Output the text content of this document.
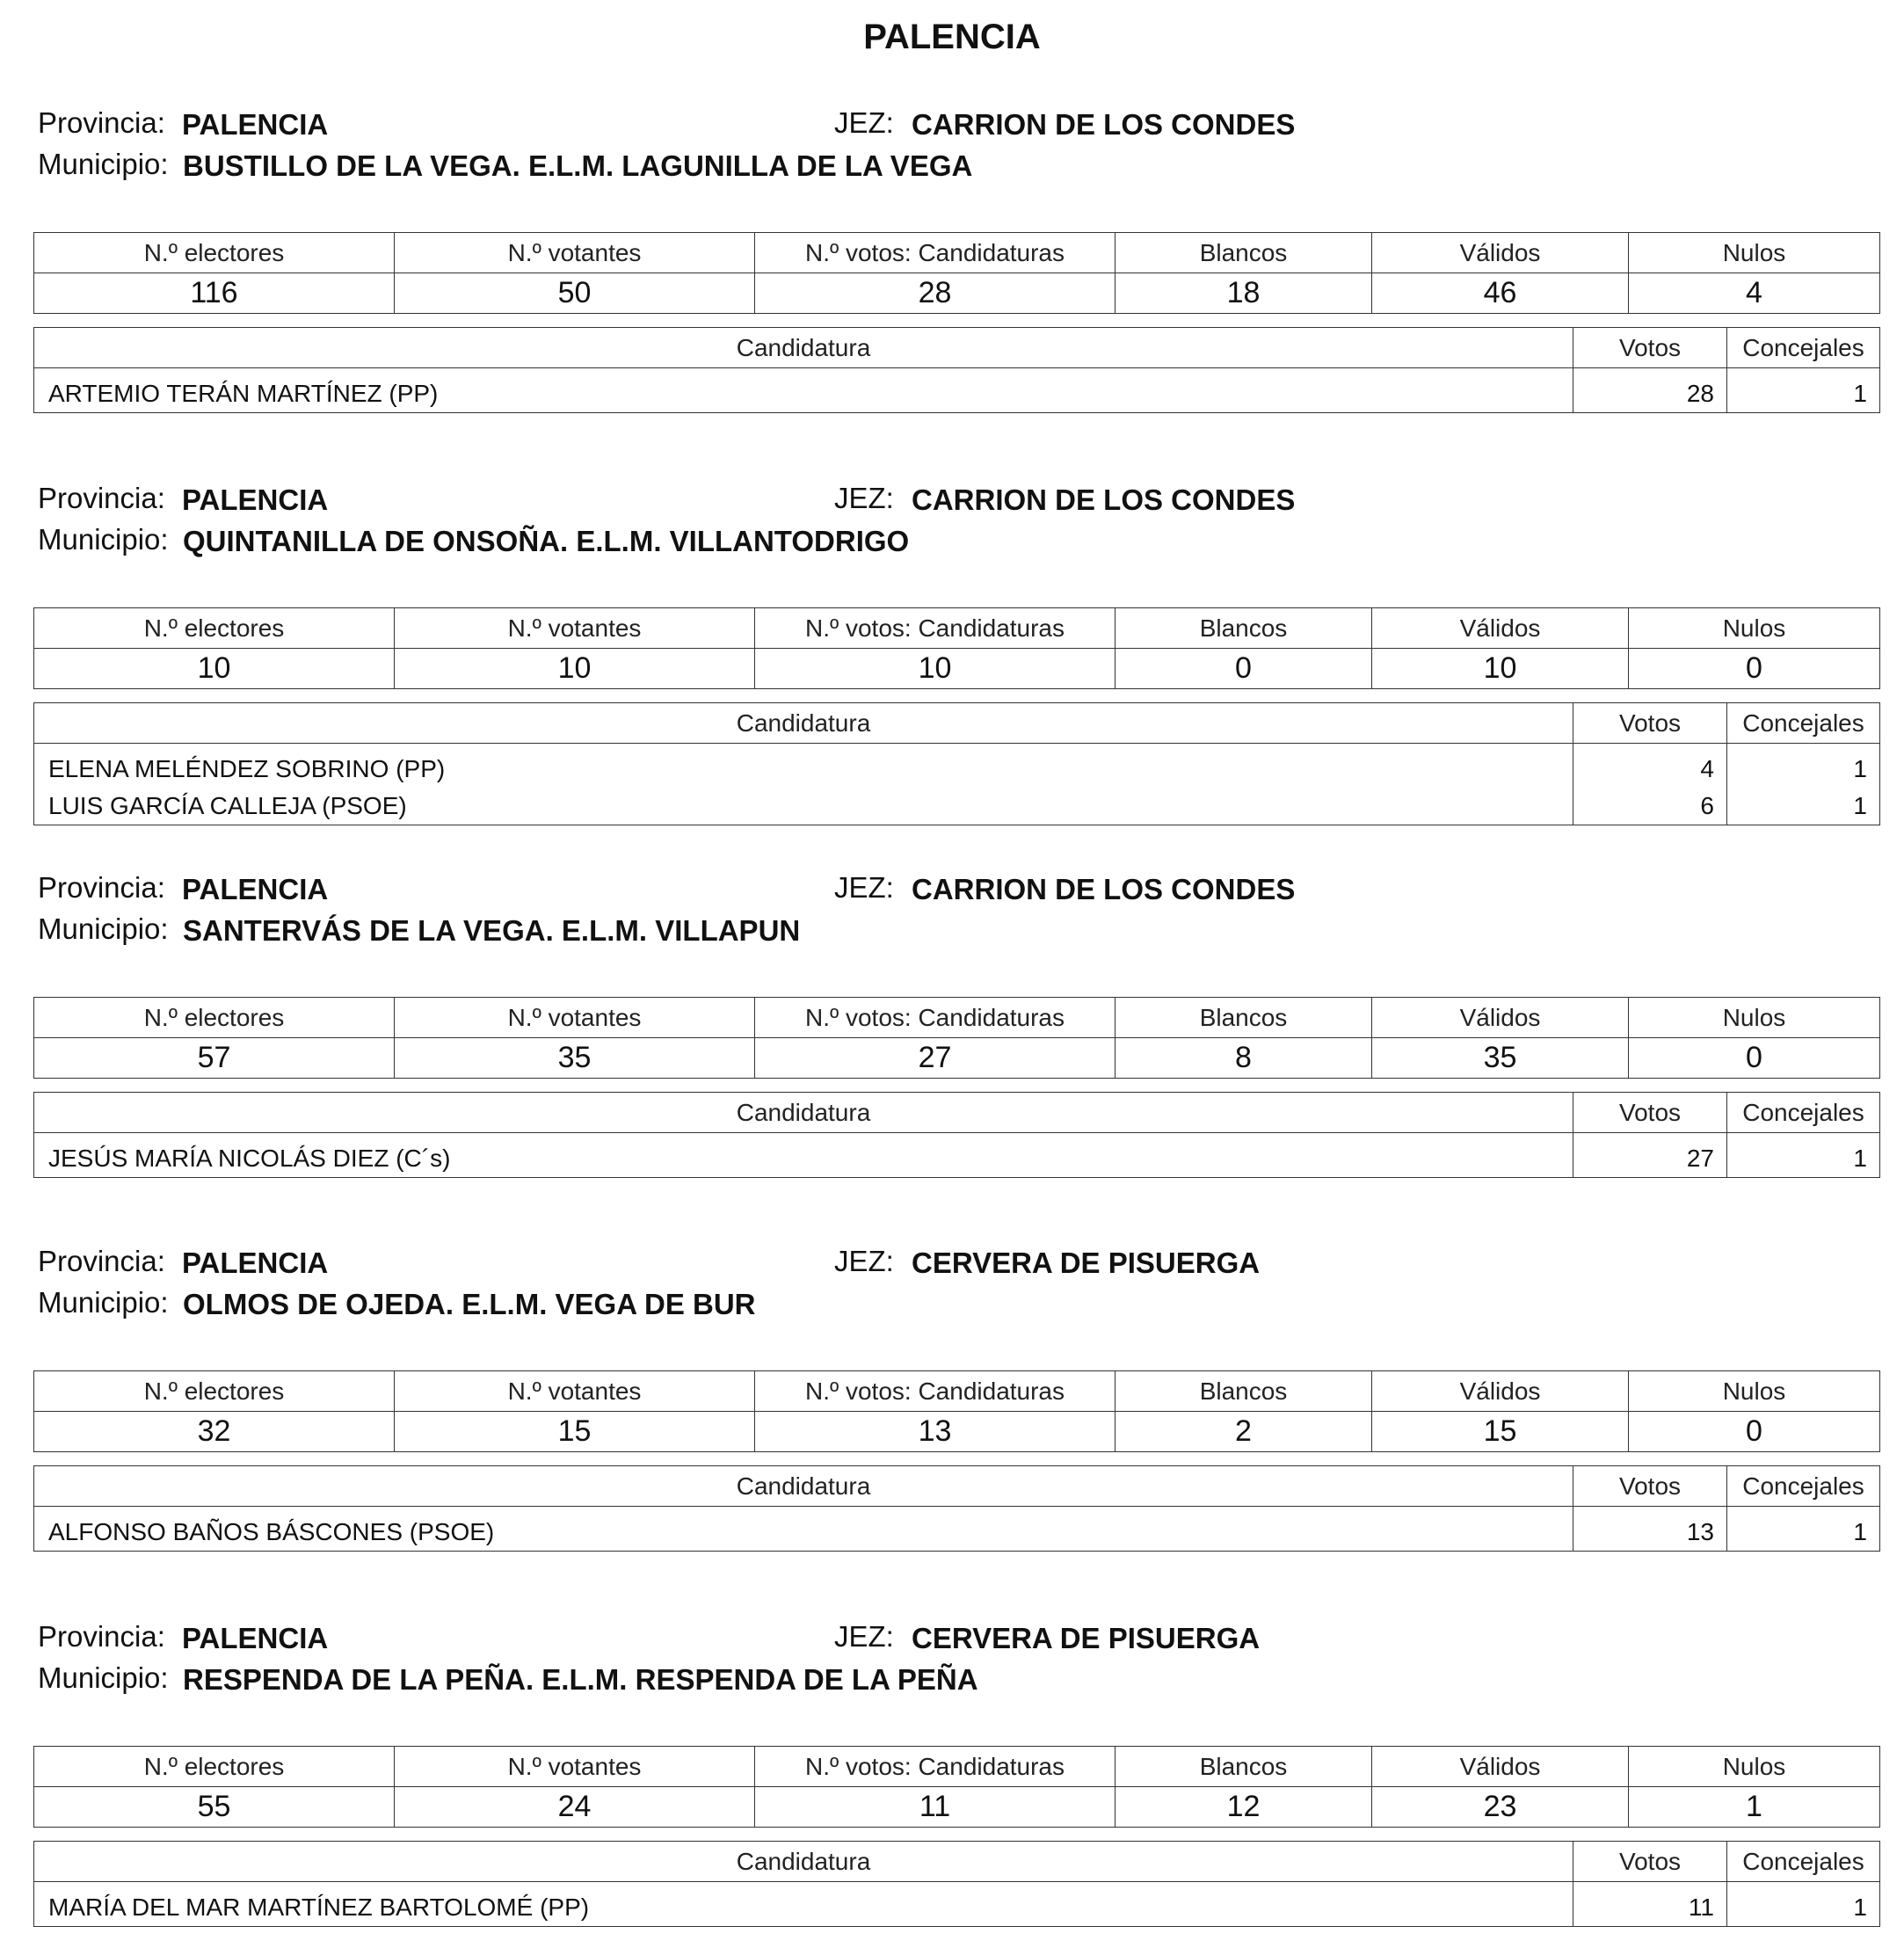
PALENCIA
Provincia: PALENCIA	JEZ: CARRION DE LOS CONDES
Municipio: BUSTILLO DE LA VEGA. E.L.M. LAGUNILLA DE LA VEGA
N.º electores	N.º votantes	N.º votos: Candidaturas	Blancos	Válidos	Nulos
116	50	28	18	46	4
Candidatura	Votos	Concejales
ARTEMIO TERÁN MARTÍNEZ (PP)	28	1
Provincia: PALENCIA	JEZ: CARRION DE LOS CONDES
Municipio: QUINTANILLA DE ONSOÑA. E.L.M. VILLANTODRIGO
N.º electores	N.º votantes	N.º votos: Candidaturas	Blancos	Válidos	Nulos
10	10	10	0	10	0
Candidatura	Votos	Concejales
ELENA MELÉNDEZ SOBRINO (PP)	4	1
LUIS GARCÍA CALLEJA (PSOE)	6	1
Provincia: PALENCIA	JEZ: CARRION DE LOS CONDES
Municipio: SANTERVÁS DE LA VEGA. E.L.M. VILLAPUN
N.º electores	N.º votantes	N.º votos: Candidaturas	Blancos	Válidos	Nulos
57	35	27	8	35	0
Candidatura	Votos	Concejales
JESÚS MARÍA NICOLÁS DIEZ (C´s)	27	1
Provincia: PALENCIA	JEZ: CERVERA DE PISUERGA
Municipio: OLMOS DE OJEDA. E.L.M. VEGA DE BUR
N.º electores	N.º votantes	N.º votos: Candidaturas	Blancos	Válidos	Nulos
32	15	13	2	15	0
Candidatura	Votos	Concejales
ALFONSO BAÑOS BÁSCONES (PSOE)	13	1
Provincia: PALENCIA	JEZ: CERVERA DE PISUERGA
Municipio: RESPENDA DE LA PEÑA. E.L.M. RESPENDA DE LA PEÑA
N.º electores	N.º votantes	N.º votos: Candidaturas	Blancos	Válidos	Nulos
55	24	11	12	23	1
Candidatura	Votos	Concejales
MARÍA DEL MAR MARTÍNEZ BARTOLOMÉ (PP)	11	1
